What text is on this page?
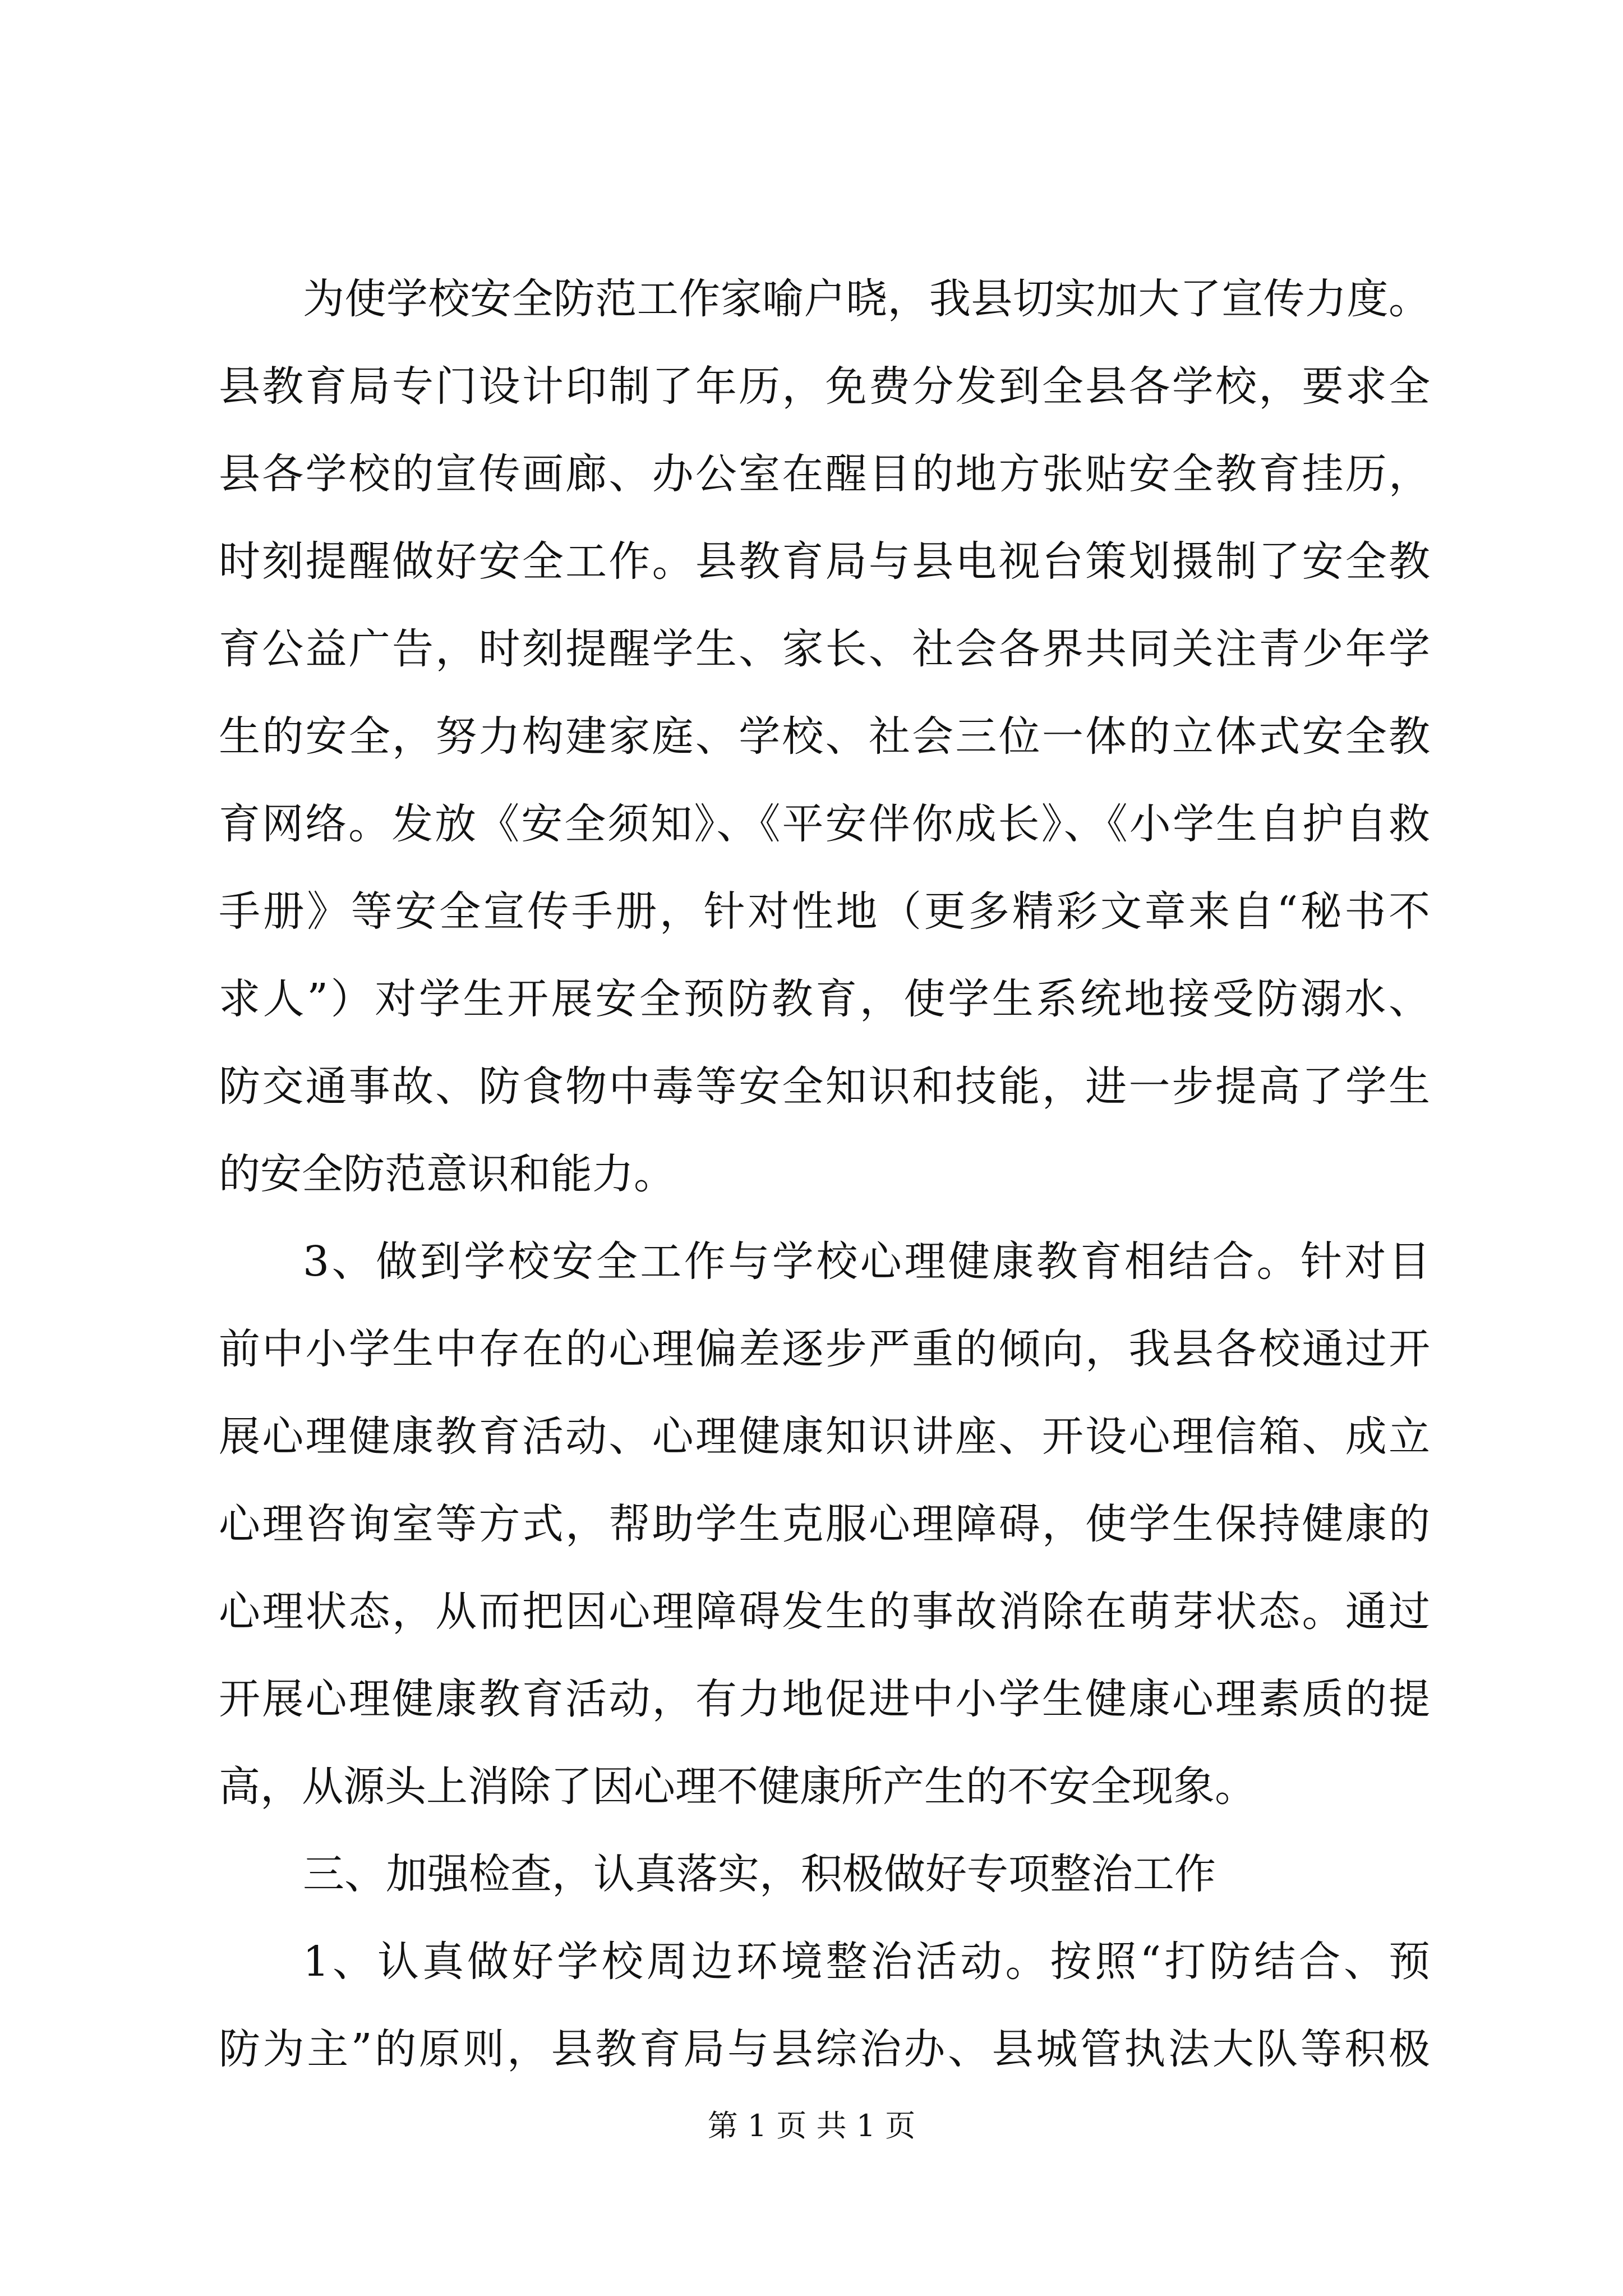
为使学校安全防范工作家喻户晓，我县切实加大了宣传力度。
县教育局专门设计印制了年历，免费分发到全县各学校，要求全
县各学校的宣传画廊、办公室在醒目的地方张贴安全教育挂历，
时刻提醒做好安全工作。县教育局与县电视台策划摄制了安全教
育公益广告，时刻提醒学生、家长、社会各界共同关注青少年学
生的安全，努力构建家庭、学校、社会三位一体的立体式安全教
育网络。发放《安全须知》、《平安伴你成长》、《小学生自护自救
手册》等安全宣传手册，针对性地（更多精彩文章来自“秘书不
求人”）对学生开展安全预防教育，使学生系统地接受防溺水、
防交通事故、防食物中毒等安全知识和技能，进一步提高了学生
的安全防范意识和能力。
3、做到学校安全工作与学校心理健康教育相结合。针对目
前中小学生中存在的心理偏差逐步严重的倾向，我县各校通过开
展心理健康教育活动、心理健康知识讲座、开设心理信箱、成立
心理咨询室等方式，帮助学生克服心理障碍，使学生保持健康的
心理状态，从而把因心理障碍发生的事故消除在萌芽状态。通过
开展心理健康教育活动，有力地促进中小学生健康心理素质的提
高，从源头上消除了因心理不健康所产生的不安全现象。
三、加强检查，认真落实，积极做好专项整治工作
1、认真做好学校周边环境整治活动。按照“打防结合、预
防为主”的原则，县教育局与县综治办、县城管执法大队等积极
第 1 页 共 1 页
